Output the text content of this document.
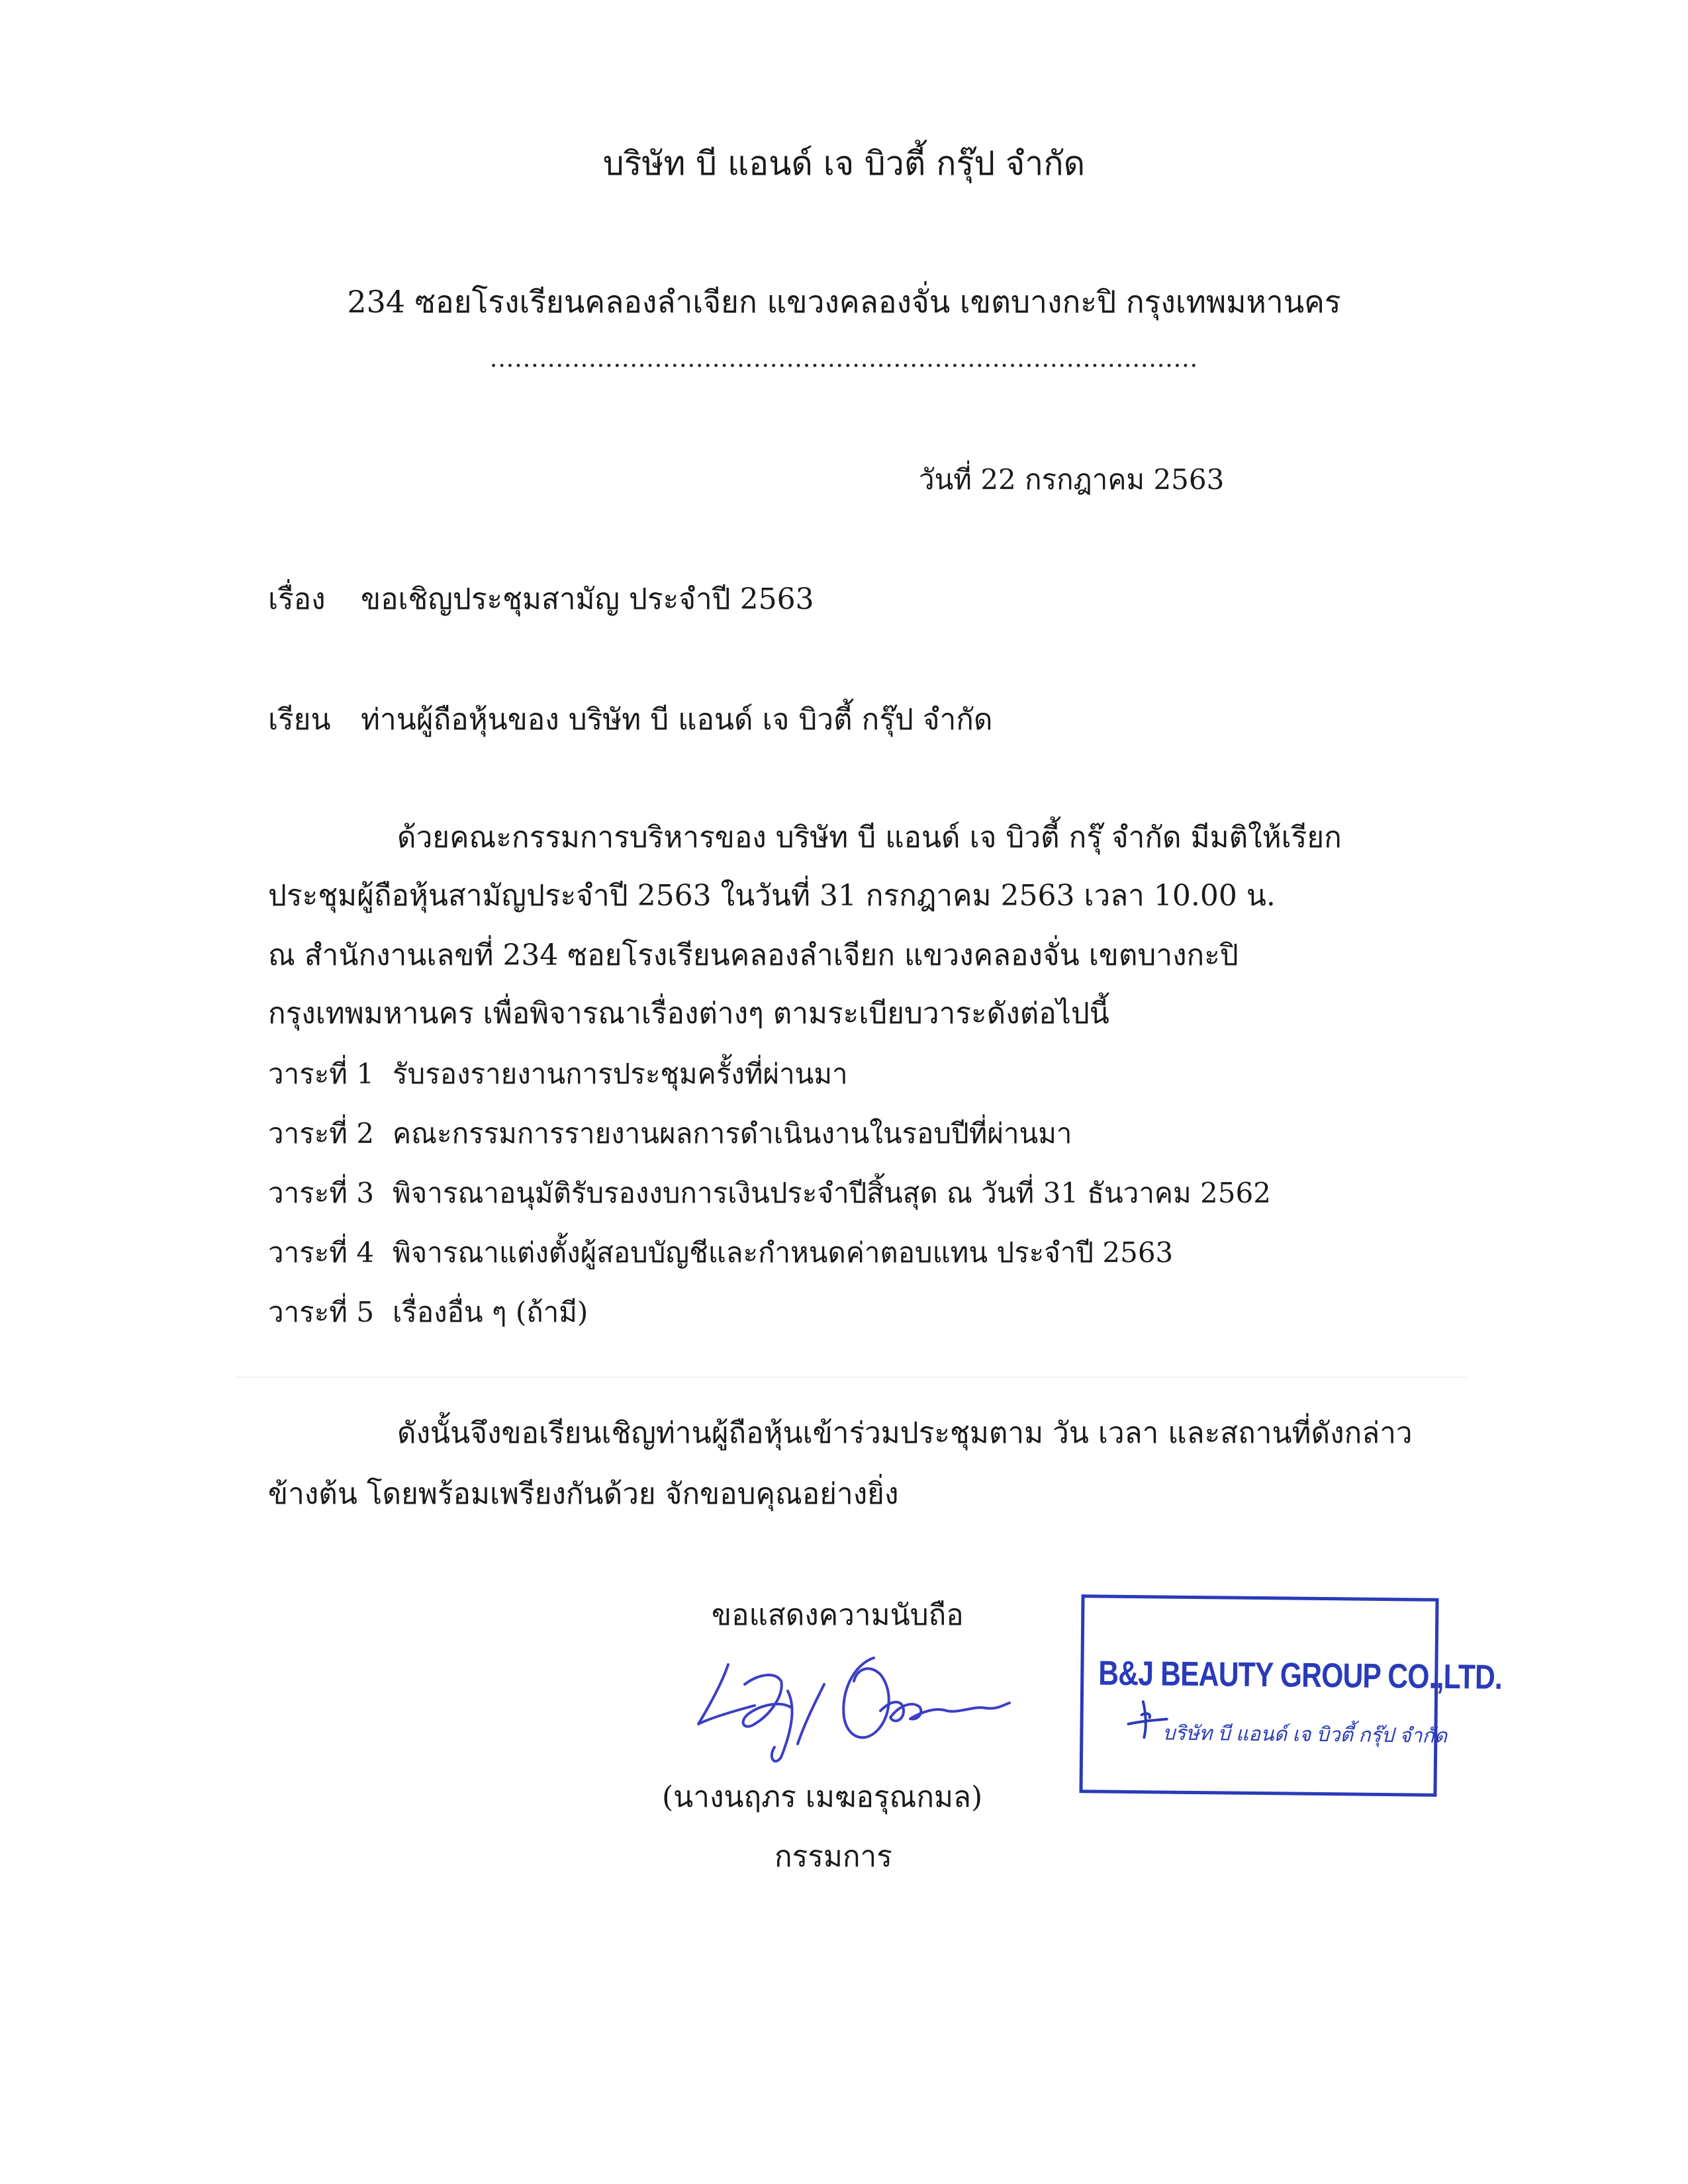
บริษัท บี แอนด์ เจ บิวตี้ กรุ๊ป จำกัด
234 ซอยโรงเรียนคลองลำเจียก แขวงคลองจั่น เขตบางกะปิ กรุงเทพมหานคร
......................................................................................
วันที่ 22 กรกฎาคม 2563
เรื่อง ขอเชิญประชุมสามัญ ประจำปี 2563
เรียน ท่านผู้ถือหุ้นของ บริษัท บี แอนด์ เจ บิวตี้ กรุ๊ป จำกัด
ด้วยคณะกรรมการบริหารของ บริษัท บี แอนด์ เจ บิวตี้ กรุ๊ จำกัด มีมติให้เรียก
ประชุมผู้ถือหุ้นสามัญประจำปี 2563 ในวันที่ 31 กรกฎาคม 2563 เวลา 10.00 น.
ณ สำนักงานเลขที่ 234 ซอยโรงเรียนคลองลำเจียก แขวงคลองจั่น เขตบางกะปิ
กรุงเทพมหานคร เพื่อพิจารณาเรื่องต่างๆ ตามระเบียบวาระดังต่อไปนี้
วาระที่ 1 รับรองรายงานการประชุมครั้งที่ผ่านมา
วาระที่ 2 คณะกรรมการรายงานผลการดำเนินงานในรอบปีที่ผ่านมา
วาระที่ 3 พิจารณาอนุมัติรับรองงบการเงินประจำปีสิ้นสุด ณ วันที่ 31 ธันวาคม 2562
วาระที่ 4 พิจารณาแต่งตั้งผู้สอบบัญชีและกำหนดค่าตอบแทน ประจำปี 2563
วาระที่ 5 เรื่องอื่น ๆ (ถ้ามี)
ดังนั้นจึงขอเรียนเชิญท่านผู้ถือหุ้นเข้าร่วมประชุมตาม วัน เวลา และสถานที่ดังกล่าว
ข้างต้น โดยพร้อมเพรียงกันด้วย จักขอบคุณอย่างยิ่ง
ขอแสดงความนับถือ
(นางนฤภร เมฆอรุณกมล)
กรรมการ
B&J BEAUTY GROUP CO.,LTD.
บริษัท บี แอนด์ เจ บิวตี้ กรุ๊ป จำกัด
